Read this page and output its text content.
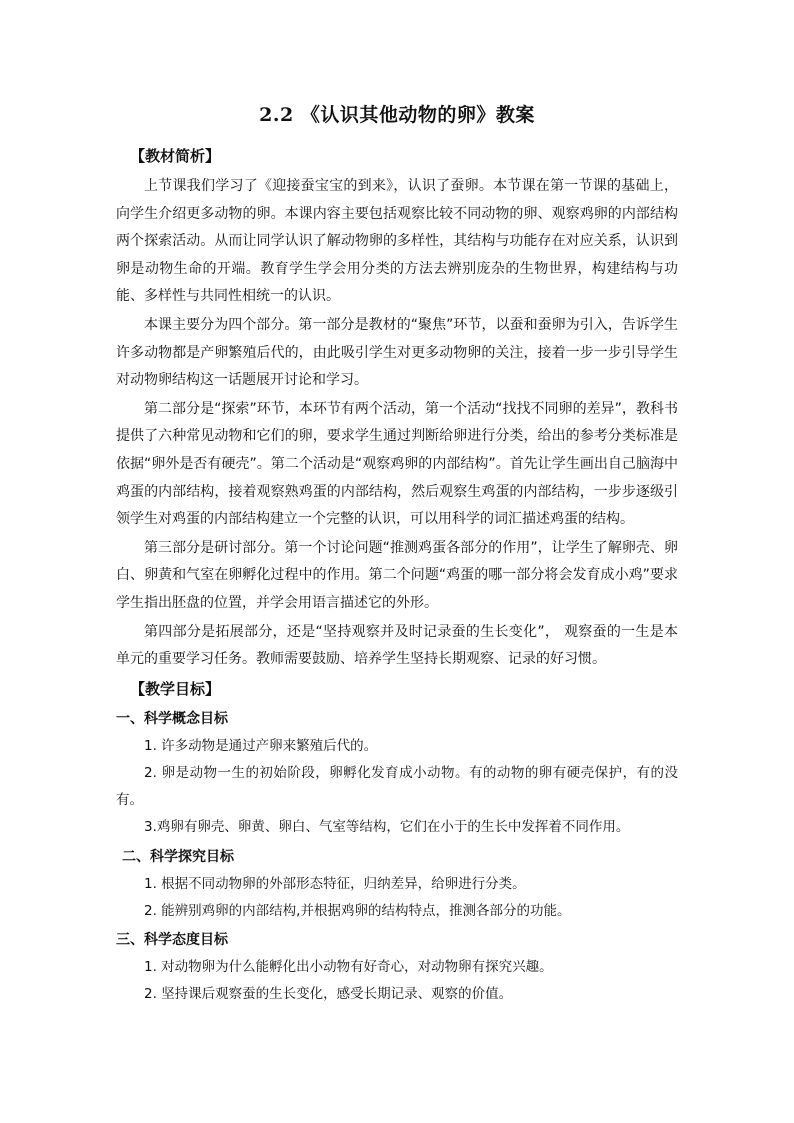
2.2 《认识其他动物的卵》教案
【教材简析】

上节课我们学习了《迎接蚕宝宝的到来》，认识了蚕卵。本节课在第一节课的基础上，向学生介绍更多动物的卵。本课内容主要包括观察比较不同动物的卵、观察鸡卵的内部结构两个探索活动。从而让同学认识了解动物卵的多样性，其结构与功能存在对应关系，认识到卵是动物生命的开端。教育学生学会用分类的方法去辨别庞杂的生物世界，构建结构与功能、多样性与共同性相统一的认识。

本课主要分为四个部分。第一部分是教材的“聚焦”环节，以蚕和蚕卵为引入，告诉学生许多动物都是产卵繁殖后代的，由此吸引学生对更多动物卵的关注，接着一步一步引导学生对动物卵结构这一话题展开讨论和学习。

第二部分是“探索”环节，本环节有两个活动，第一个活动“找找不同卵的差异”，教科书提供了六种常见动物和它们的卵，要求学生通过判断给卵进行分类，给出的参考分类标准是依据“卵外是否有硬壳”。第二个活动是“观察鸡卵的内部结构”。首先让学生画出自己脑海中鸡蛋的内部结构，接着观察熟鸡蛋的内部结构，然后观察生鸡蛋的内部结构，一步步逐级引领学生对鸡蛋的内部结构建立一个完整的认识，可以用科学的词汇描述鸡蛋的结构。

第三部分是研讨部分。第一个讨论问题“推测鸡蛋各部分的作用”，让学生了解卵壳、卵白、卵黄和气室在卵孵化过程中的作用。第二个问题“鸡蛋的哪一部分将会发育成小鸡”要求学生指出胚盘的位置，并学会用语言描述它的外形。

第四部分是拓展部分，还是“坚持观察并及时记录蚕的生长变化”， 观察蚕的一生是本单元的重要学习任务。教师需要鼓励、培养学生坚持长期观察、记录的好习惯。

【教学目标】
一、科学概念目标

1. 许多动物是通过产卵来繁殖后代的。

2. 卵是动物一生的初始阶段，卵孵化发育成小动物。有的动物的卵有硬壳保护，有的没有。

3.鸡卵有卵壳、卵黄、卵白、气室等结构，它们在小于的生长中发挥着不同作用。

二、科学探究目标

1. 根据不同动物卵的外部形态特征，归纳差异，给卵进行分类。

2. 能辨别鸡卵的内部结构,并根据鸡卵的结构特点，推测各部分的功能。

三、科学态度目标

1. 对动物卵为什么能孵化出小动物有好奇心，对动物卵有探究兴趣。

2. 坚持课后观察蚕的生长变化，感受长期记录、观察的价值。
